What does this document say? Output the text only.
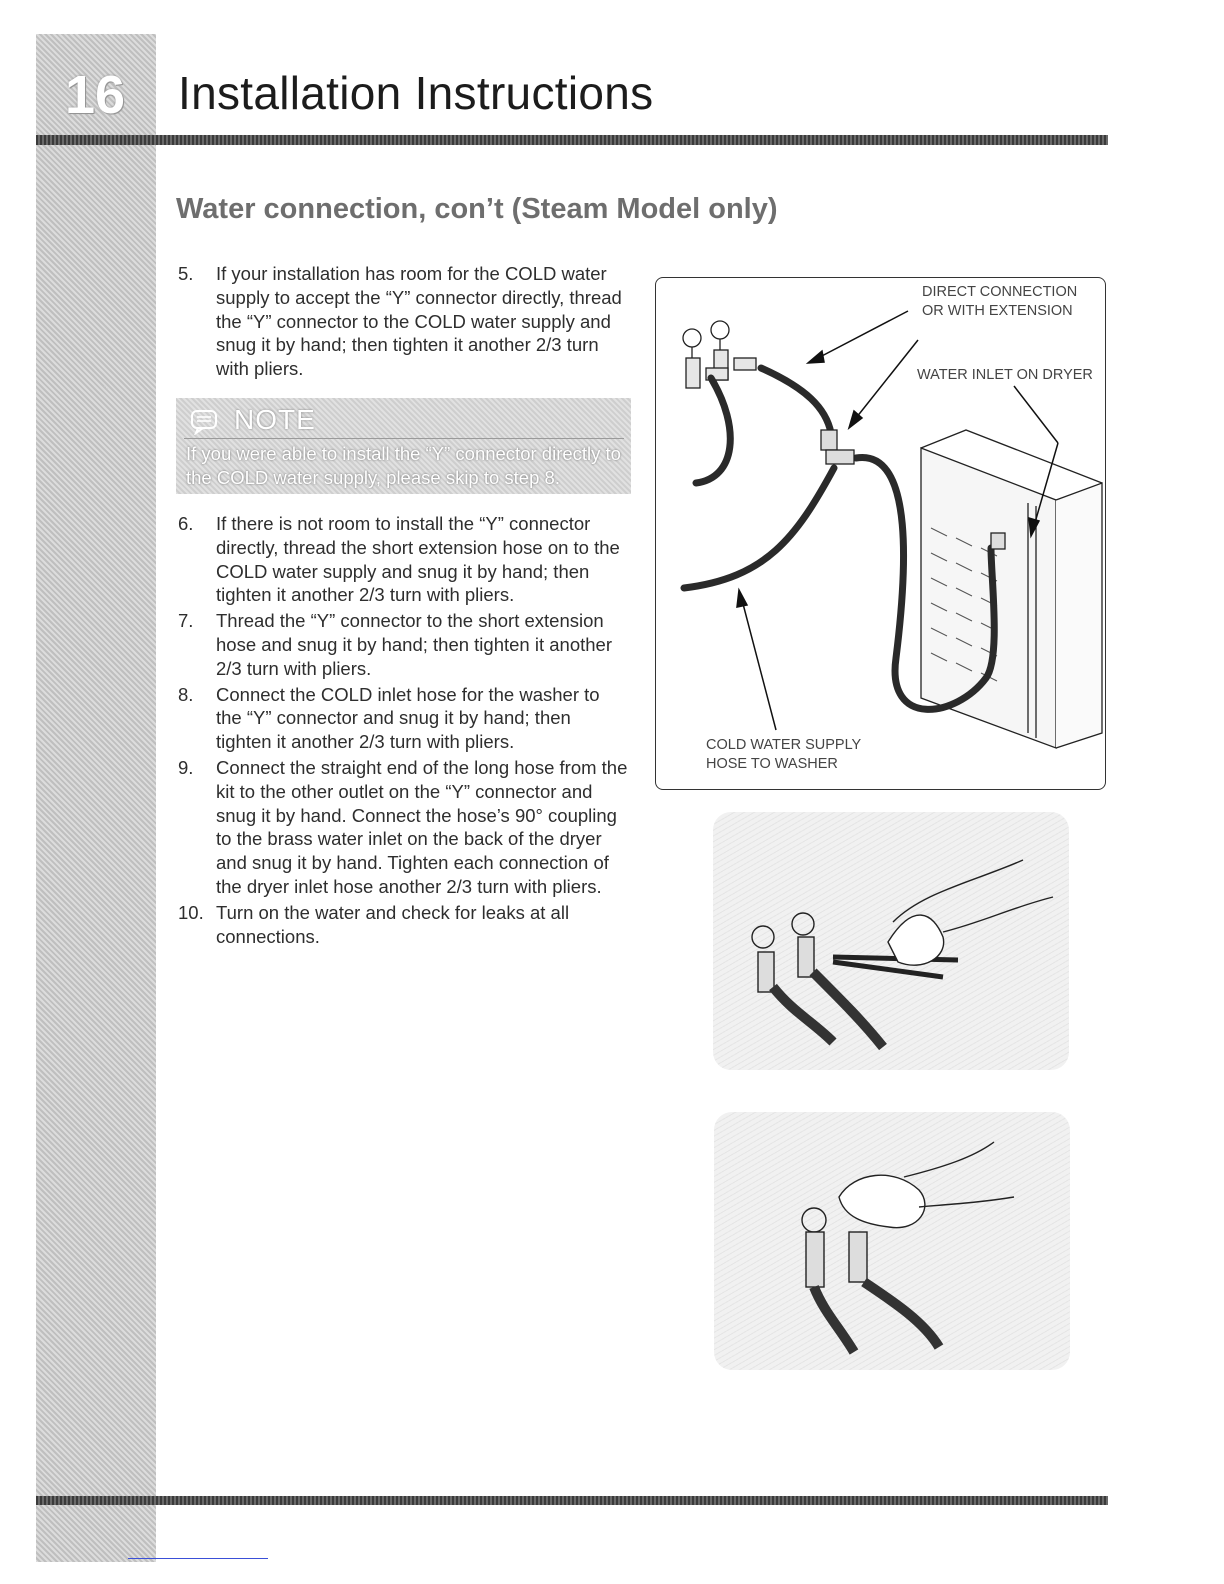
16	Installation Instructions
Water connection, con’t (Steam Model only)
5. If your installation has room for the COLD water supply to accept the “Y” connector directly, thread the “Y” connector to the COLD water supply and snug it by hand; then tighten it another 2/3 turn with pliers.
NOTE
If you were able to install the “Y” connector directly to the COLD water supply, please skip to step 8.
6. If there is not room to install the “Y” connector directly, thread the short extension hose on to the COLD water supply and snug it by hand; then tighten it another 2/3 turn with pliers.
7. Thread the “Y” connector to the short extension hose and snug it by hand; then tighten it another 2/3 turn with pliers.
8. Connect the COLD inlet hose for the washer to the “Y” connector and snug it by hand; then tighten it another 2/3 turn with pliers.
9. Connect the straight end of the long hose from the kit to the other outlet on the “Y” connector and snug it by hand. Connect the hose’s 90° coupling to the brass water inlet on the back of the dryer and snug it by hand. Tighten each connection of the dryer inlet hose another 2/3 turn with pliers.
10. Turn on the water and check for leaks at all connections.
DIRECT CONNECTION
OR WITH EXTENSION
WATER INLET ON DRYER
COLD WATER SUPPLY
HOSE TO WASHER
